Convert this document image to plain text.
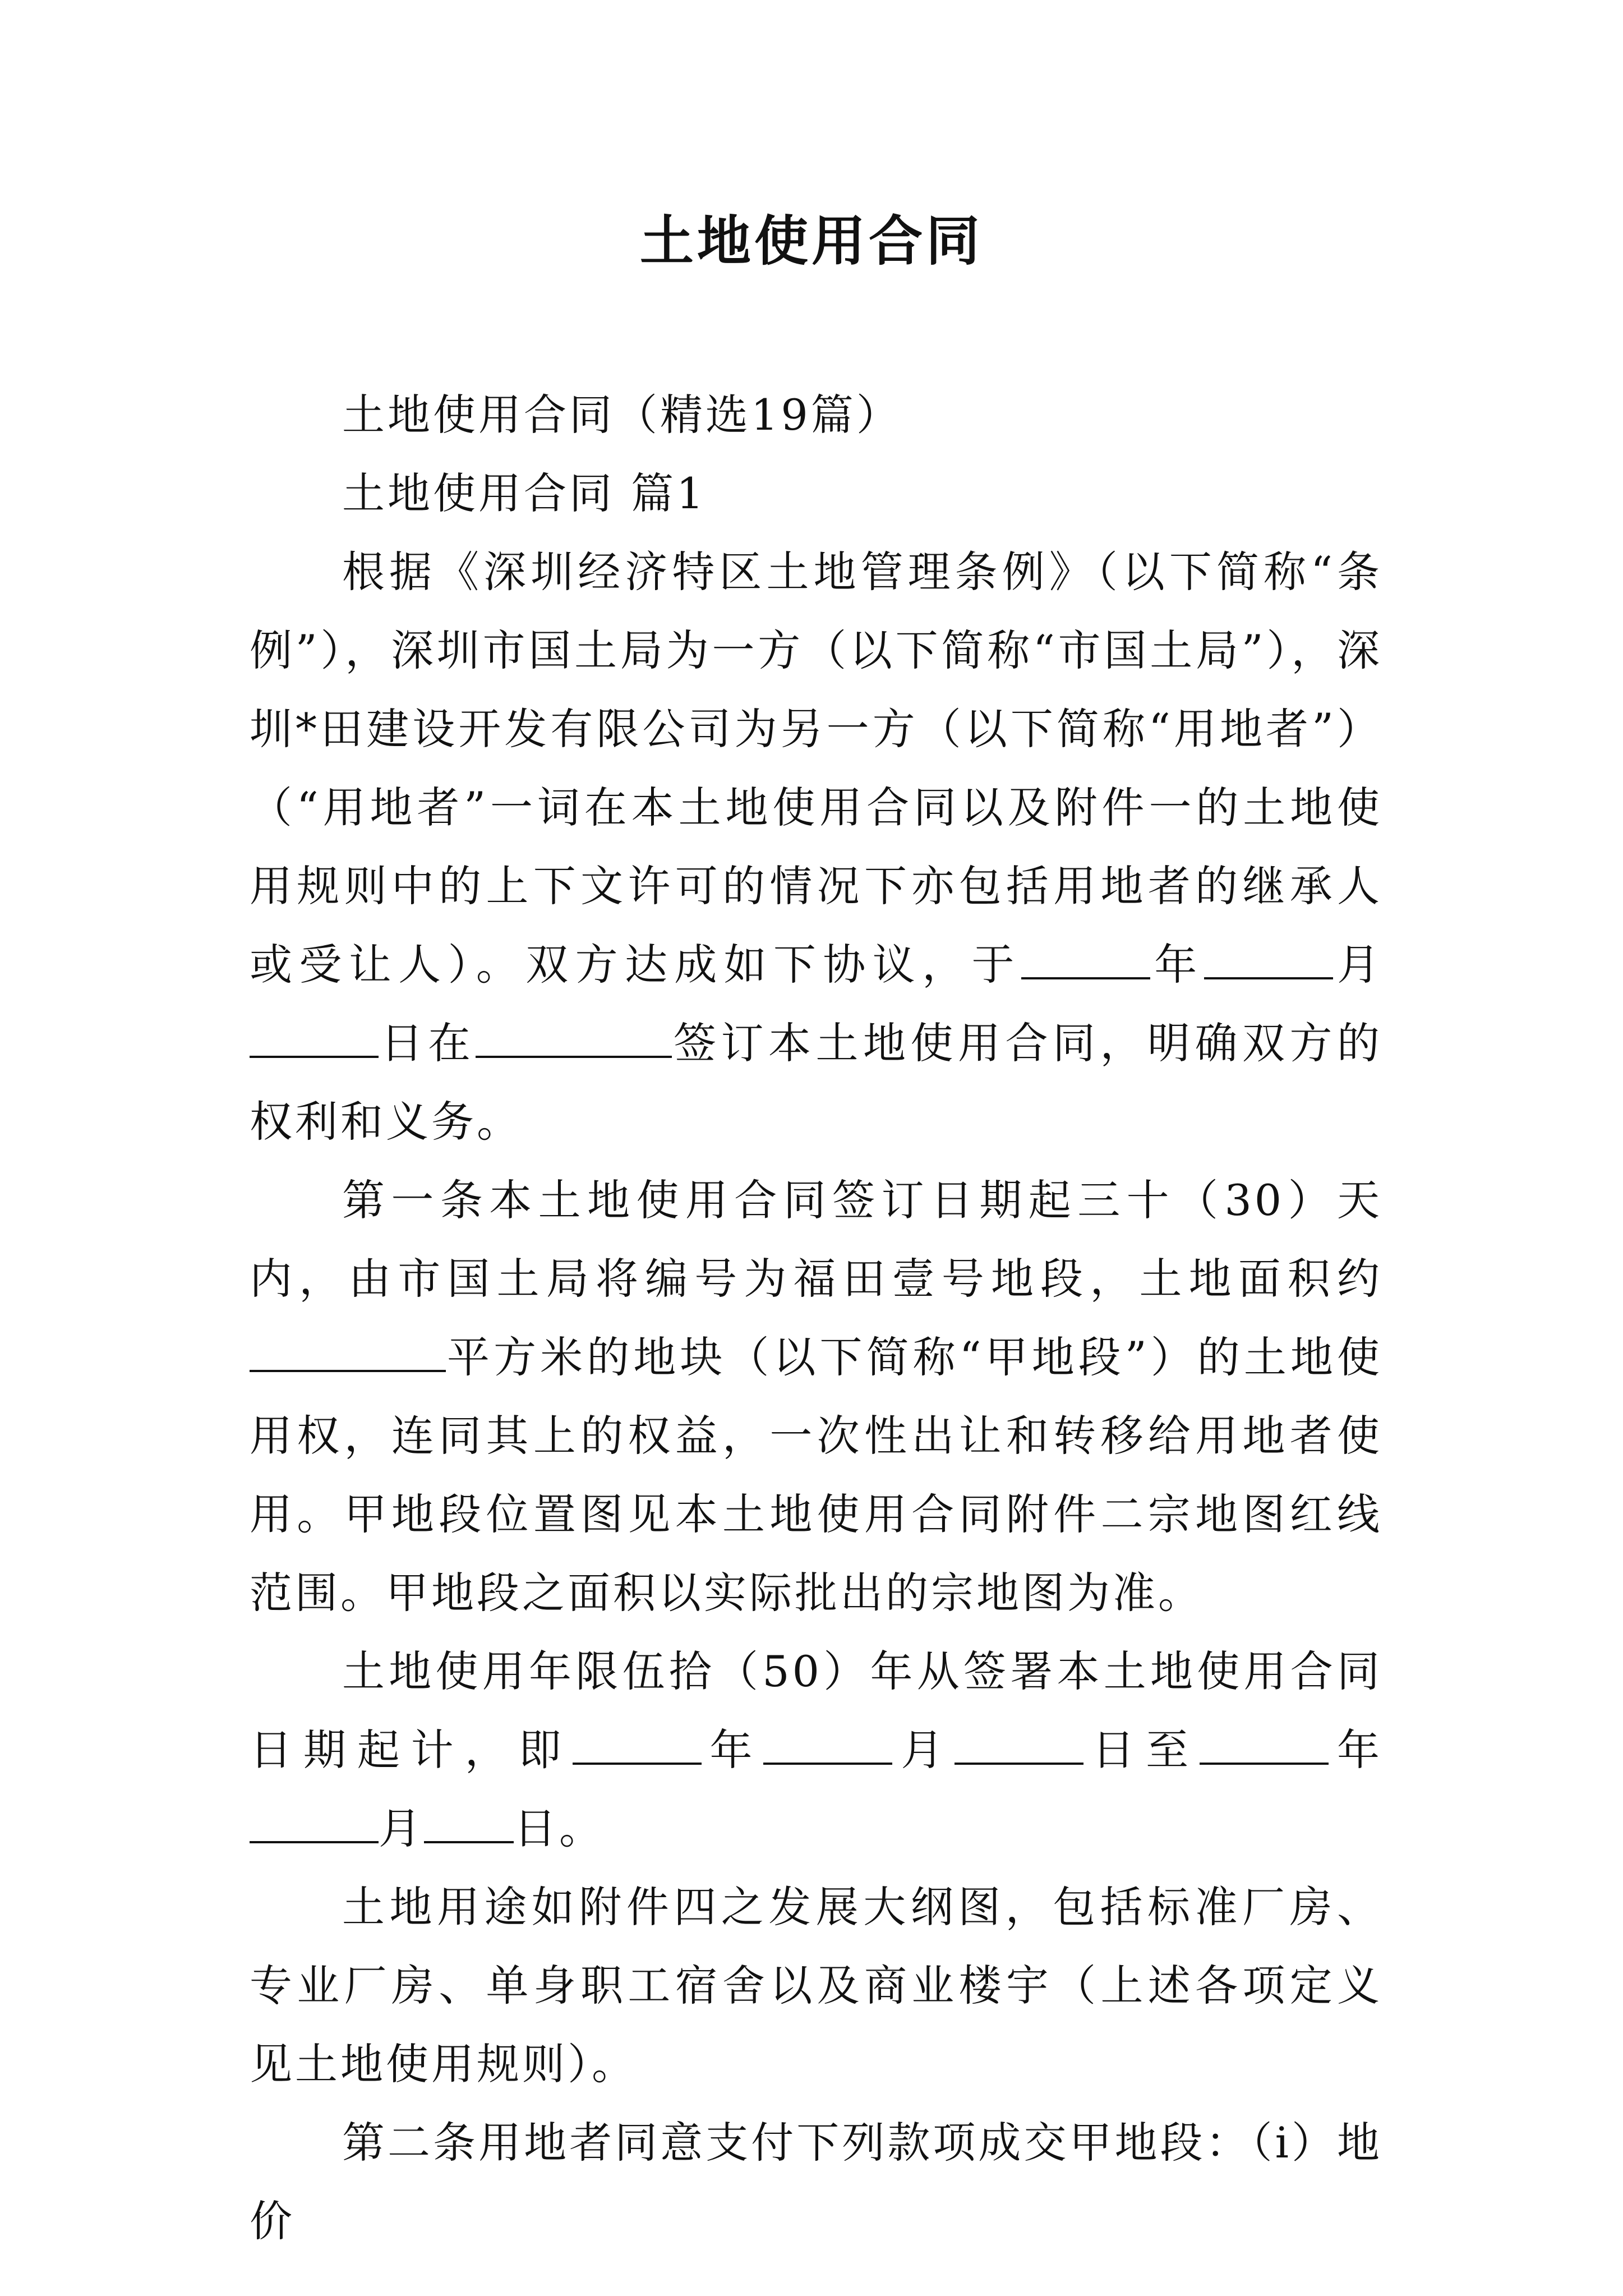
土地使用合同

土地使用合同（精选19篇）

土地使用合同 篇1

根据《深圳经济特区土地管理条例》（以下简称“条例”），深圳市国土局为一方（以下简称“市国土局”），深圳*田建设开发有限公司为另一方（以下简称“用地者”）（“用地者”一词在本土地使用合同以及附件一的土地使用规则中的上下文许可的情况下亦包括用地者的继承人或受让人）。双方达成如下协议，于	年	月日在	签订本土地使用合同，明确双方的权利和义务。

第一条本土地使用合同签订日期起三十（30）天内，由市国土局将编号为福田壹号地段，土地面积约平方米的地块（以下简称“甲地段”）的土地使用权，连同其上的权益，一次性出让和转移给用地者使用。甲地段位置图见本土地使用合同附件二宗地图红线范围。甲地段之面积以实际批出的宗地图为准。

土地使用年限伍拾（50）年从签署本土地使用合同日期起计，即	年	月	日至	年月 日。

土地用途如附件四之发展大纲图，包括标准厂房、专业厂房、单身职工宿舍以及商业楼宇（上述各项定义见土地使用规则）。

第二条用地者同意支付下列款项成交甲地段：（i）地价
